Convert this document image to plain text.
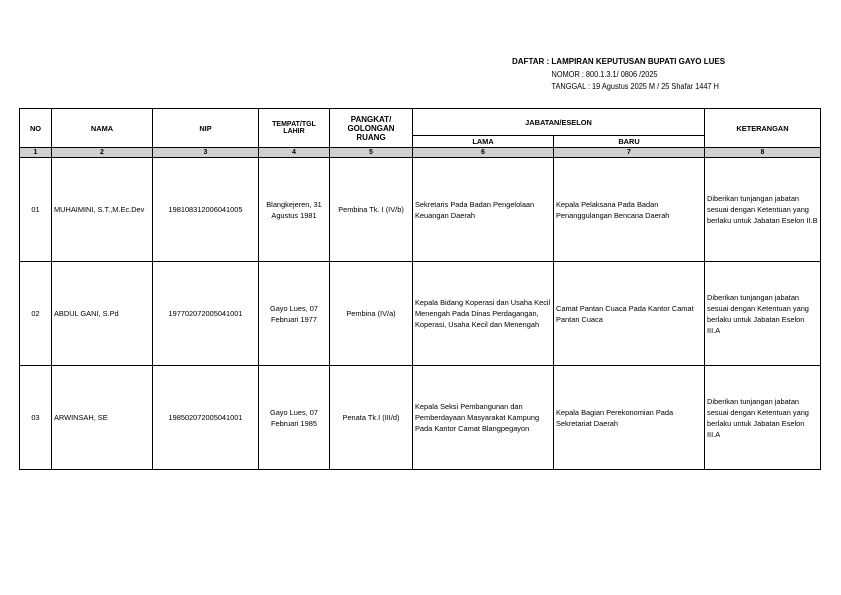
DAFTAR : LAMPIRAN KEPUTUSAN BUPATI GAYO LUES
NOMOR : 800.1.3.1/ 0806 /2025
TANGGAL : 19 Agustus 2025 M / 25 Shafar 1447 H
NO	NAMA	NIP	TEMPAT/TGL LAHIR	PANGKAT/ GOLONGAN RUANG	JABATAN/ESELON		KETERANGAN
					LAMA	BARU	
1	2	3	4	5	6	7	8
01	MUHAIMINI, S.T.,M.Ec.Dev	198108312006041005	Blangkejeren, 31 Agustus 1981	Pembina Tk. I (IV/b)	Sekretaris Pada Badan Pengelolaan Keuangan Daerah	Kepala Pelaksana Pada Badan Penanggulangan Bencana Daerah	Diberikan tunjangan jabatan sesuai dengan Ketentuan yang berlaku untuk Jabatan Eselon II.B
02	ABDUL GANI, S.Pd	197702072005041001	Gayo Lues, 07 Februari 1977	Pembina (IV/a)	Kepala Bidang Koperasi dan Usaha Kecil Menengah Pada Dinas Perdagangan, Koperasi, Usaha Kecil dan Menengah	Camat Pantan Cuaca Pada Kantor Camat Pantan Cuaca	Diberikan tunjangan jabatan sesuai dengan Ketentuan yang berlaku untuk Jabatan Eselon III.A
03	ARWINSAH, SE	198502072005041001	Gayo Lues, 07 Februari 1985	Penata Tk.I (III/d)	Kepala Seksi Pembangunan dan Pemberdayaan Masyarakat Kampung Pada Kantor Camat Blangpegayon	Kepala Bagian Perekonomian Pada Sekretariat Daerah	Diberikan tunjangan jabatan sesuai dengan Ketentuan yang berlaku untuk Jabatan Eselon III.A
